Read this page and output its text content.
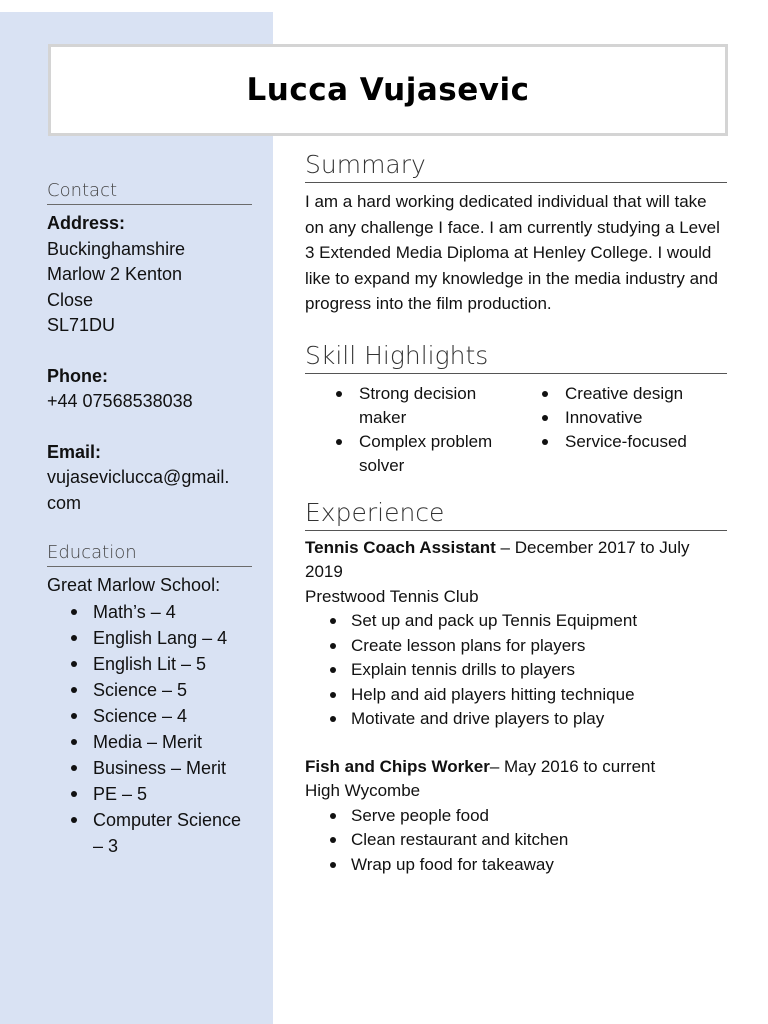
Lucca Vujasevic
Contact
Address:
Buckinghamshire
Marlow 2 Kenton
Close
SL71DU
Phone:
+44 07568538038
Email:
vujaseviclucca@gmail.
com
Education
Great Marlow School:
Math’s – 4
English Lang – 4
English Lit – 5
Science – 5
Science – 4
Media – Merit
Business – Merit
PE – 5
Computer Science – 3
Summary

I am a hard working dedicated individual that will take on any challenge I face. I am currently studying a Level 3 Extended Media Diploma at Henley College. I would like to expand my knowledge in the media industry and progress into the film production.

Skill Highlights
Strong decision maker
Complex problem solver
Creative design
Innovative
Service-focused
Experience
Tennis Coach Assistant – December 2017 to July 2019
Prestwood Tennis Club
Set up and pack up Tennis Equipment
Create lesson plans for players
Explain tennis drills to players
Help and aid players hitting technique
Motivate and drive players to play
Fish and Chips Worker– May 2016 to current
High Wycombe
Serve people food
Clean restaurant and kitchen
Wrap up food for takeaway
